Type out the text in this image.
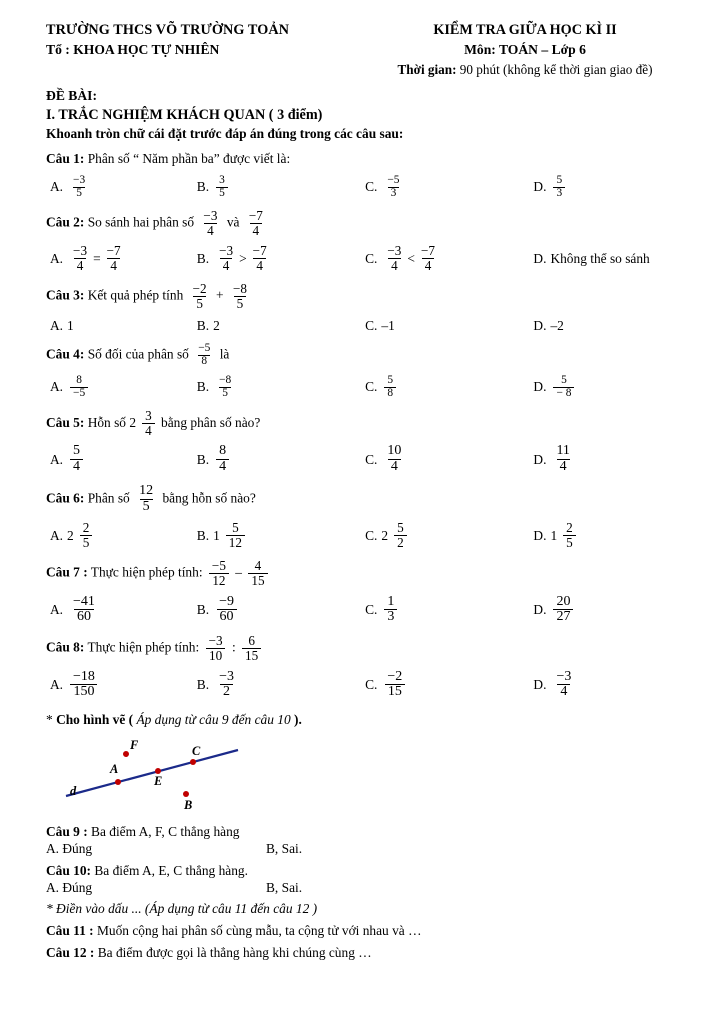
TRƯỜNG THCS VÕ TRƯỜNG TOẢN
Tổ : KHOA HỌC TỰ NHIÊN
KIỂM TRA GIỮA HỌC KÌ II
Môn: TOÁN – Lớp 6
Thời gian: 90 phút (không kể thời gian giao đề)
ĐỀ BÀI:
I. TRẮC NGHIỆM KHÁCH QUAN ( 3 điểm)
Khoanh tròn chữ cái đặt trước đáp án đúng trong các câu sau:
Câu 1: Phân số “ Năm phần ba” được viết là:
A. $\frac{-3}{5}$	B. $\frac{3}{5}$	C. $\frac{-5}{3}$	D. $\frac{5}{3}$
Câu 2: So sánh hai phân số $\frac{-3}{4}$ và $\frac{-7}{4}$
A. $\frac{-3}{4} = \frac{-7}{4}$	B. $\frac{-3}{4} > \frac{-7}{4}$	C. $\frac{-3}{4} < \frac{-7}{4}$	D. Không thể so sánh
Câu 3: Kết quả phép tính $\frac{-2}{5} + \frac{-8}{5}$
A. 1	B. 2	C. –1	D. –2
Câu 4: Số đối của phân số $\frac{-5}{8}$ là
A. $\frac{8}{-5}$	B. $\frac{-8}{5}$	C. $\frac{5}{8}$	D. $\frac{5}{- 8}$
Câu 5: Hỗn số $2 \frac{3}{4}$ bằng phân số nào?
A. $\frac{5}{4}$	B. $\frac{8}{4}$	C. $\frac{10}{4}$	D. $\frac{11}{4}$
Câu 6: Phân số $\frac{12}{5}$ bằng hỗn số nào?
A. $2 \frac{2}{5}$	B. $1 \frac{5}{12}$	C. $2 \frac{5}{2}$	D. $1 \frac{2}{5}$
Câu 7 : Thực hiện phép tính: $\frac{-5}{12} - \frac{4}{15}$
A. $\frac{-41}{60}$	B. $\frac{-9}{60}$	C. $\frac{1}{3}$	D. $\frac{20}{27}$
Câu 8: Thực hiện phép tính: $\frac{-3}{10}$ : $\frac{6}{15}$
A. $\frac{-18}{150}$	B. $\frac{-3}{2}$	C. $\frac{-2}{15}$	D. $\frac{-3}{4}$
* Cho hình vẽ ( Áp dụng từ câu 9 đến câu 10 ).
d
A
F
E
C
B
Câu 9 : Ba điểm A, F, C thẳng hàng
A. Đúng	B, Sai.
Câu 10: Ba điểm A, E, C thẳng hàng.
A. Đúng	B, Sai.
* Điền vào dấu ... (Áp dụng từ câu 11 đến câu 12 )
Câu 11 : Muốn cộng hai phân số cùng mẫu, ta cộng tử với nhau và …
Câu 12 : Ba điểm được gọi là thẳng hàng khi chúng cùng …
